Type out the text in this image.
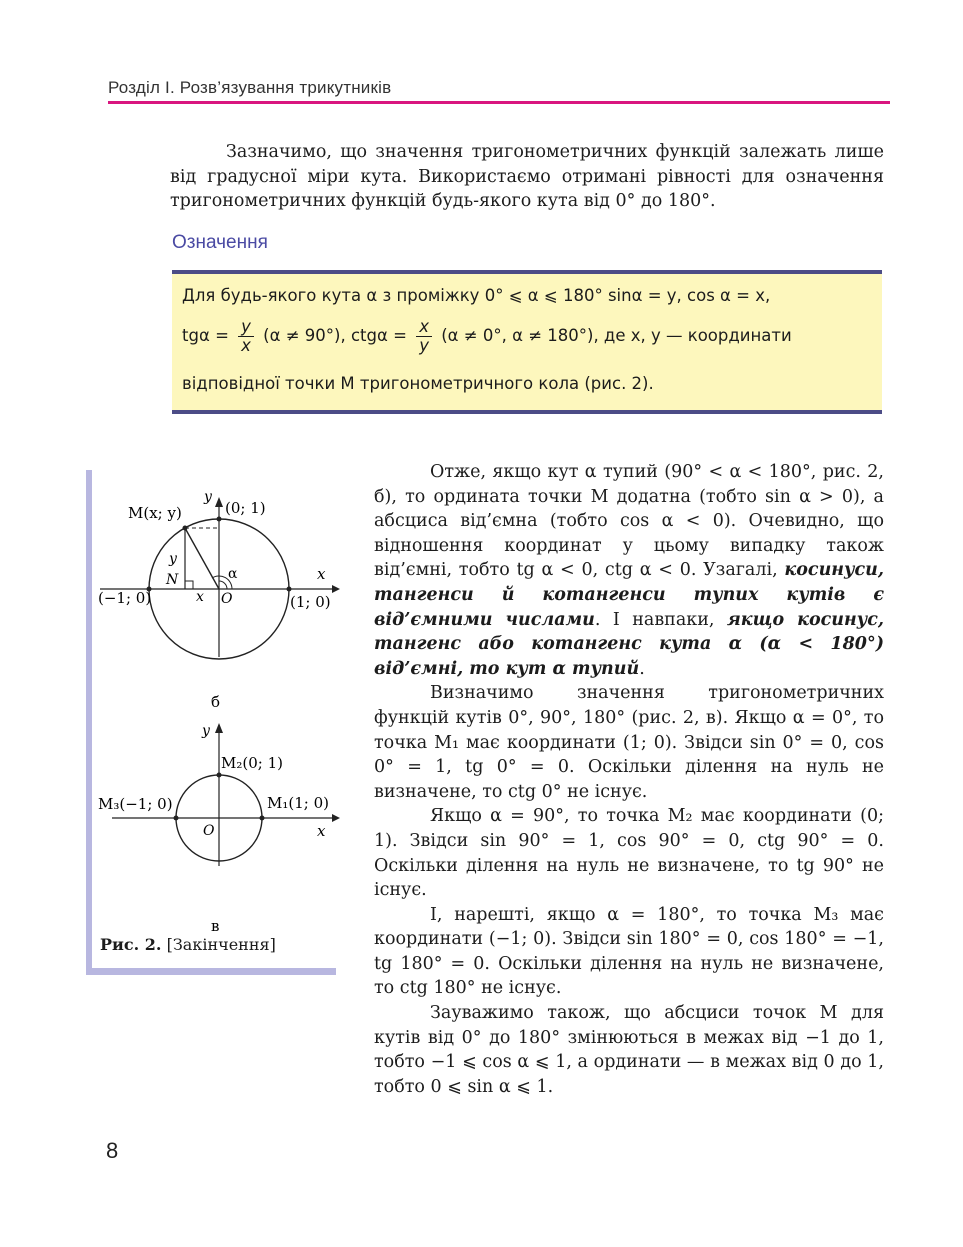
Розділ І. Розв’язування трикутників

Зазначимо, що значення тригонометричних функцій залежать лише від градусної міри кута. Використаємо отримані рівності для означення тригонометричних функцій будь-якого кута від 0° до 180°.

Означення
Для будь-якого кута α з проміжку 0° ⩽ α ⩽ 180° sinα = y, cos α = x,
$tg\alpha = \frac{y}{x} (\alpha \ne 90^\circ)$, $ctg\alpha = \frac{x}{y} (\alpha \ne 0^\circ$, α ≠ 180°), де x, y — координати
відповідної точки M тригонометричного кола (рис. 2).
y
x
M(x; y)	(0; 1)
(−1; 0)	(1; 0)
N
O
y
x
α
б
y
x
M₂(0; 1)
M₃(−1; 0)	M₁(1; 0)
O
в
Рис. 2. [Закінчення]

Отже, якщо кут α тупий (90° < α < 180°, рис. 2, б), то ордината точки M додатна (тобто sin α > 0), а абсциса від’ємна (тобто cos α < 0). Очевидно, що відношення координат у цьому випадку також від’ємні, тобто tg α < 0, ctg α < 0. Узагалі, косинуси, тангенси й котангенси тупих кутів є від’ємними числами. І навпаки, якщо косинус, тангенс або котангенс кута α (α < 180°) від’ємні, то кут α тупий.

Визначимо значення тригонометричних функцій кутів 0°, 90°, 180° (рис. 2, в). Якщо α = 0°, то точка M₁ має координати (1; 0). Звідси sin 0° = 0, cos 0° = 1, tg 0° = 0. Оскільки ділення на нуль не визначене, то ctg 0° не існує.

Якщо α = 90°, то точка M₂ має координати (0; 1). Звідси sin 90° = 1, cos 90° = 0, ctg 90° = 0. Оскільки ділення на нуль не визначене, то tg 90° не існує.

І, нарешті, якщо α = 180°, то точка M₃ має координати (−1; 0). Звідси sin 180° = 0, cos 180° = −1, tg 180° = 0. Оскільки ділення на нуль не визначене, то ctg 180° не існує.

Зауважимо також, що абсциси точок M для кутів від 0° до 180° змінюються в межах від −1 до 1, тобто −1 ⩽ cos α ⩽ 1, а ординати — в межах від 0 до 1, тобто 0 ⩽ sin α ⩽ 1.

8
